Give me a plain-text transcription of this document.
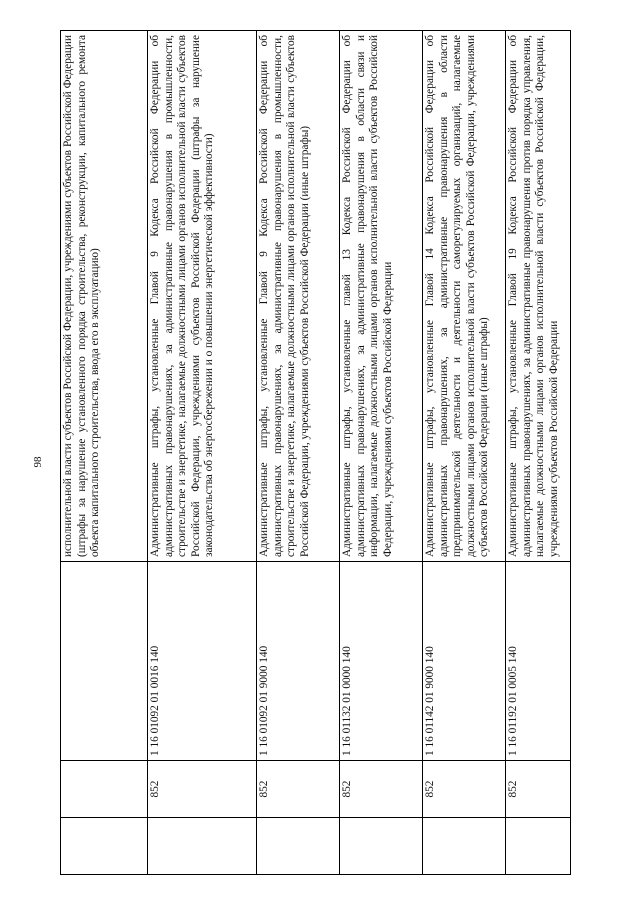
98
				исполнительной власти субъектов Российской Федерации, учреждениями субъектов Российской Федерации (штрафы за нарушение установленного порядка строительства, реконструкции, капитального ремонта объекта капитального строительства, ввода его в эксплуатацию)
	852	1 16 01092 01 0016 140	Административные штрафы, установленные Главой 9 Кодекса Российской Федерации об административных правонарушениях, за административные правонарушения в промышленности, строительстве и энергетике, налагаемые должностными лицами органов исполнительной власти субъектов Российской Федерации, учреждениями субъектов Российской Федерации (штрафы за нарушение законодательства об энергосбережении и о повышении энергетической эффективности)
	852	1 16 01092 01 9000 140	Административные штрафы, установленные Главой 9 Кодекса Российской Федерации об административных правонарушениях, за административные правонарушения в промышленности, строительстве и энергетике, налагаемые должностными лицами органов исполнительной власти субъектов Российской Федерации, учреждениями субъектов Российской Федерации (иные штрафы)
	852	1 16 01132 01 0000 140	Административные штрафы, установленные главой 13 Кодекса Российской Федерации об административных правонарушениях, за административные правонарушения в области связи и информации, налагаемые должностными лицами органов исполнительной власти субъектов Российской Федерации, учреждениями субъектов Российской Федерации
	852	1 16 01142 01 9000 140	Административные штрафы, установленные Главой 14 Кодекса Российской Федерации об административных правонарушениях, за административные правонарушения в области предпринимательской деятельности и деятельности саморегулируемых организаций, налагаемые должностными лицами органов исполнительной власти субъектов Российской Федерации, учреждениями субъектов Российской Федерации (иные штрафы)
	852	1 16 01192 01 0005 140	Административные штрафы, установленные Главой 19 Кодекса Российской Федерации об административных правонарушениях, за административные правонарушения против порядка управления, налагаемые должностными лицами органов исполнительной власти субъектов Российской Федерации, учреждениями субъектов Российской Федерации
